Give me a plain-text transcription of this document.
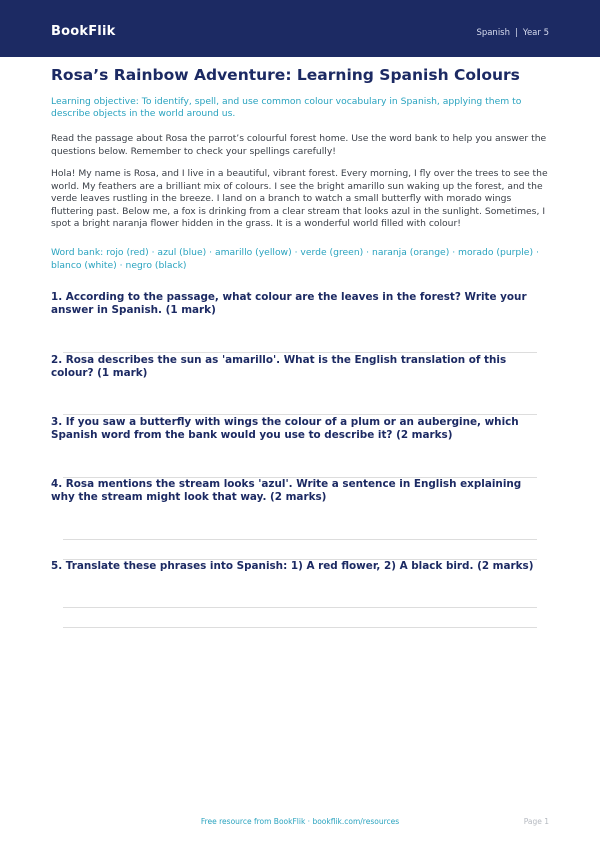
BookFlik	Spanish | Year 5
Rosa’s Rainbow Adventure: Learning Spanish Colours

Learning objective: To identify, spell, and use common colour vocabulary in Spanish, applying them to describe objects in the world around us.

Read the passage about Rosa the parrot’s colourful forest home. Use the word bank to help you answer the questions below. Remember to check your spellings carefully!

Hola! My name is Rosa, and I live in a beautiful, vibrant forest. Every morning, I fly over the trees to see the world. My feathers are a brilliant mix of colours. I see the bright amarillo sun waking up the forest, and the verde leaves rustling in the breeze. I land on a branch to watch a small butterfly with morado wings fluttering past. Below me, a fox is drinking from a clear stream that looks azul in the sunlight. Sometimes, I spot a bright naranja flower hidden in the grass. It is a wonderful world filled with colour!

Word bank: rojo (red) · azul (blue) · amarillo (yellow) · verde (green) · naranja (orange) · morado (purple) · blanco (white) · negro (black)

1. According to the passage, what colour are the leaves in the forest? Write your answer in Spanish. (1 mark)

2. Rosa describes the sun as 'amarillo'. What is the English translation of this colour? (1 mark)

3. If you saw a butterfly with wings the colour of a plum or an aubergine, which Spanish word from the bank would you use to describe it? (2 marks)

4. Rosa mentions the stream looks 'azul'. Write a sentence in English explaining why the stream might look that way. (2 marks)

5. Translate these phrases into Spanish: 1) A red flower, 2) A black bird. (2 marks)

Free resource from BookFlik · bookflik.com/resources	Page 1
